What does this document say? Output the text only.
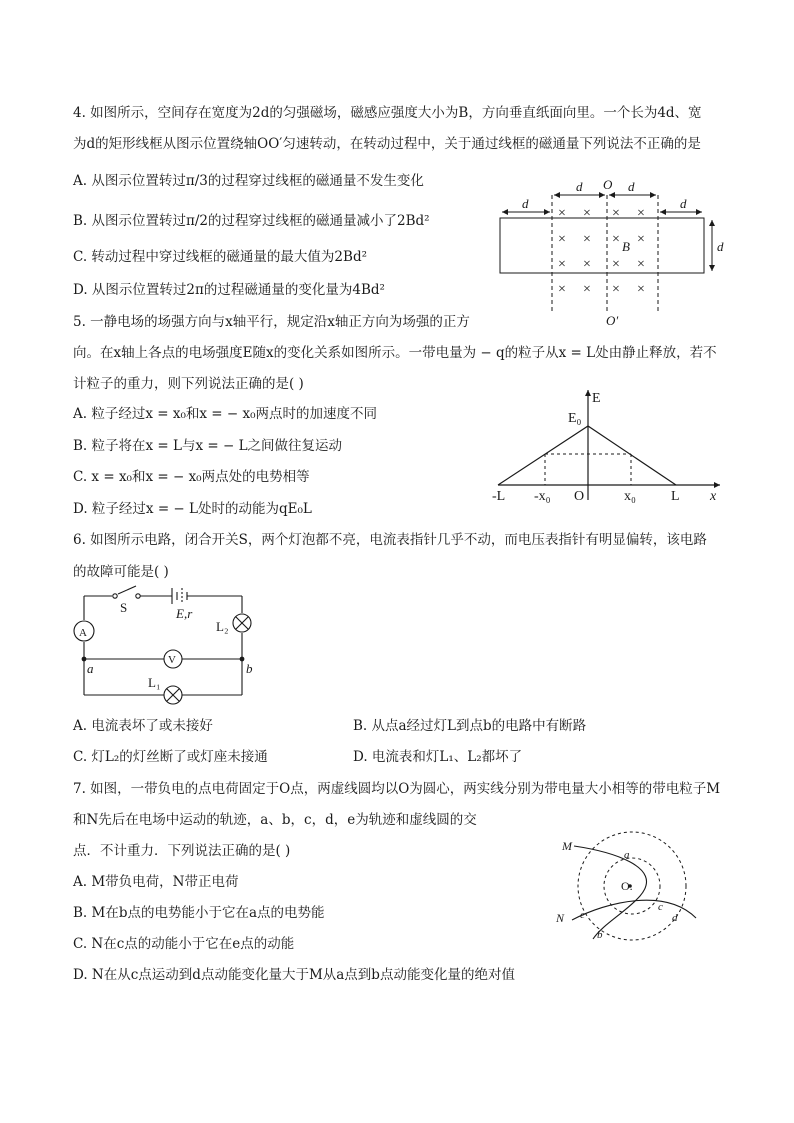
4. 如图所示，空间存在宽度为2d的匀强磁场，磁感应强度大小为B，方向垂直纸面向里。一个长为4d、宽
为d的矩形线框从图示位置绕轴OO′匀速转动，在转动过程中，关于通过线框的磁通量下列说法不正确的是
A. 从图示位置转过π/3的过程穿过线框的磁通量不发生变化
B. 从图示位置转过π/2的过程穿过线框的磁通量减小了2Bd²
C. 转动过程中穿过线框的磁通量的最大值为2Bd²
D. 从图示位置转过2π的过程磁通量的变化量为4Bd²
d
d O d
d
d
B
O′
× × × ×
× × × ×
× × × ×
× × × ×
5. 一静电场的场强方向与x轴平行，规定沿x轴正方向为场强的正方
向。在x轴上各点的电场强度E随x的变化关系如图所示。一带电量为 − q的粒子从x = L处由静止释放，若不
计粒子的重力，则下列说法正确的是( )
A. 粒子经过x = x₀和x = − x₀两点时的加速度不同
B. 粒子将在x = L与x = − L之间做往复运动
C. x = x₀和x = − x₀两点处的电势相等
D. 粒子经过x = − L处时的动能为qE₀L
E
E₀
-L -x₀ O	x₀	L x
6. 如图所示电路，闭合开关S，两个灯泡都不亮，电流表指针几乎不动，而电压表指针有明显偏转，该电路
的故障可能是( )
S	E,r
L₂
L₁
A
V
a	b
A. 电流表坏了或未接好	B. 从点a经过灯L到点b的电路中有断路
C. 灯L₂的灯丝断了或灯座未接通	D. 电流表和灯L₁、L₂都坏了
7. 如图，一带负电的点电荷固定于O点，两虚线圆均以O为圆心，两实线分别为带电量大小相等的带电粒子M
和N先后在电场中运动的轨迹，a、b，c，d，e为轨迹和虚线圆的交
点．不计重力．下列说法正确的是( )
A. M带负电荷，N带正电荷
B. M在b点的电势能小于它在a点的电势能
C. N在c点的动能小于它在e点的动能
D. N在从c点运动到d点动能变化量大于M从a点到b点动能变化量的绝对值
M
N
O.
a
b
c
d
e
